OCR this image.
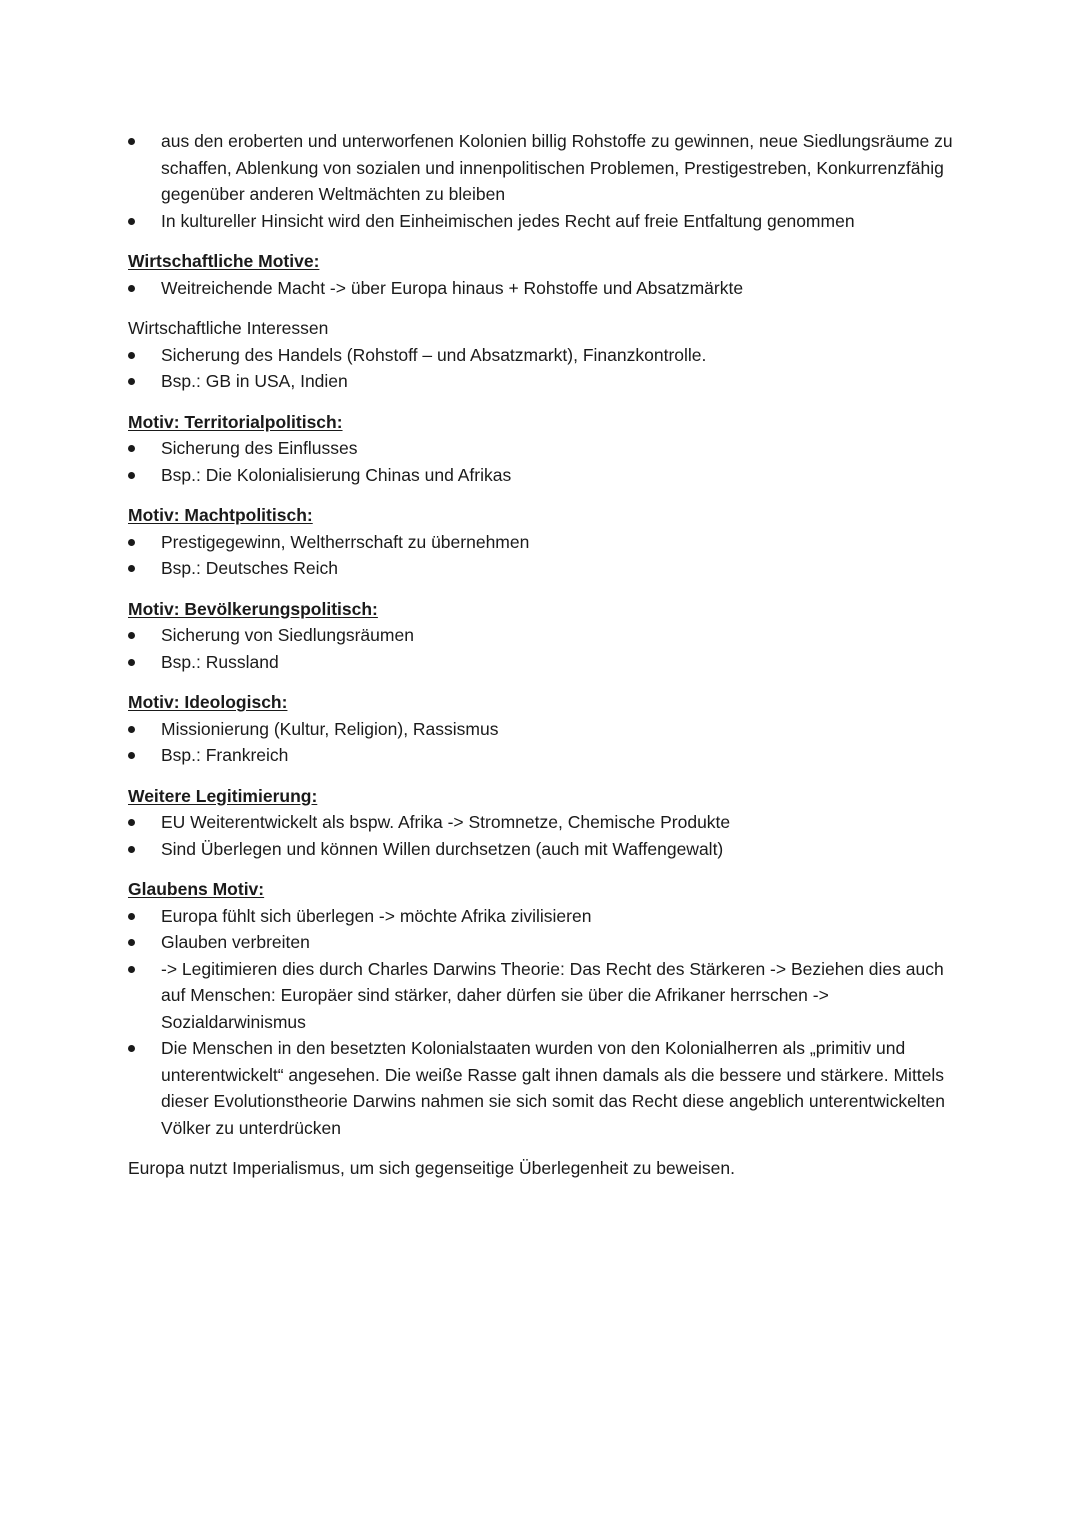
aus den eroberten und unterworfenen Kolonien billig Rohstoffe zu gewinnen, neue Siedlungsräume zu schaffen, Ablenkung von sozialen und innenpolitischen Problemen, Prestigestreben, Konkurrenzfähig gegenüber anderen Weltmächten zu bleiben
In kultureller Hinsicht wird den Einheimischen jedes Recht auf freie Entfaltung genommen
Wirtschaftliche Motive:
Weitreichende Macht -> über Europa hinaus + Rohstoffe und Absatzmärkte
Wirtschaftliche Interessen
Sicherung des Handels (Rohstoff – und Absatzmarkt), Finanzkontrolle.
Bsp.: GB in USA, Indien
Motiv: Territorialpolitisch:
Sicherung des Einflusses
Bsp.: Die Kolonialisierung Chinas und Afrikas
Motiv: Machtpolitisch:
Prestigegewinn, Weltherrschaft zu übernehmen
Bsp.: Deutsches Reich
Motiv: Bevölkerungspolitisch:
Sicherung von Siedlungsräumen
Bsp.: Russland
Motiv: Ideologisch:
Missionierung (Kultur, Religion), Rassismus
Bsp.: Frankreich
Weitere Legitimierung:
EU Weiterentwickelt als bspw. Afrika -> Stromnetze, Chemische Produkte
Sind Überlegen und können Willen durchsetzen (auch mit Waffengewalt)
Glaubens Motiv:
Europa fühlt sich überlegen -> möchte Afrika zivilisieren
Glauben verbreiten
-> Legitimieren dies durch Charles Darwins Theorie: Das Recht des Stärkeren -> Beziehen dies auch auf Menschen: Europäer sind stärker, daher dürfen sie über die Afrikaner herrschen -> Sozialdarwinismus
Die Menschen in den besetzten Kolonialstaaten wurden von den Kolonialherren als „primitiv und unterentwickelt“ angesehen. Die weiße Rasse galt ihnen damals als die bessere und stärkere. Mittels dieser Evolutionstheorie Darwins nahmen sie sich somit das Recht diese angeblich unterentwickelten Völker zu unterdrücken
Europa nutzt Imperialismus, um sich gegenseitige Überlegenheit zu beweisen.
